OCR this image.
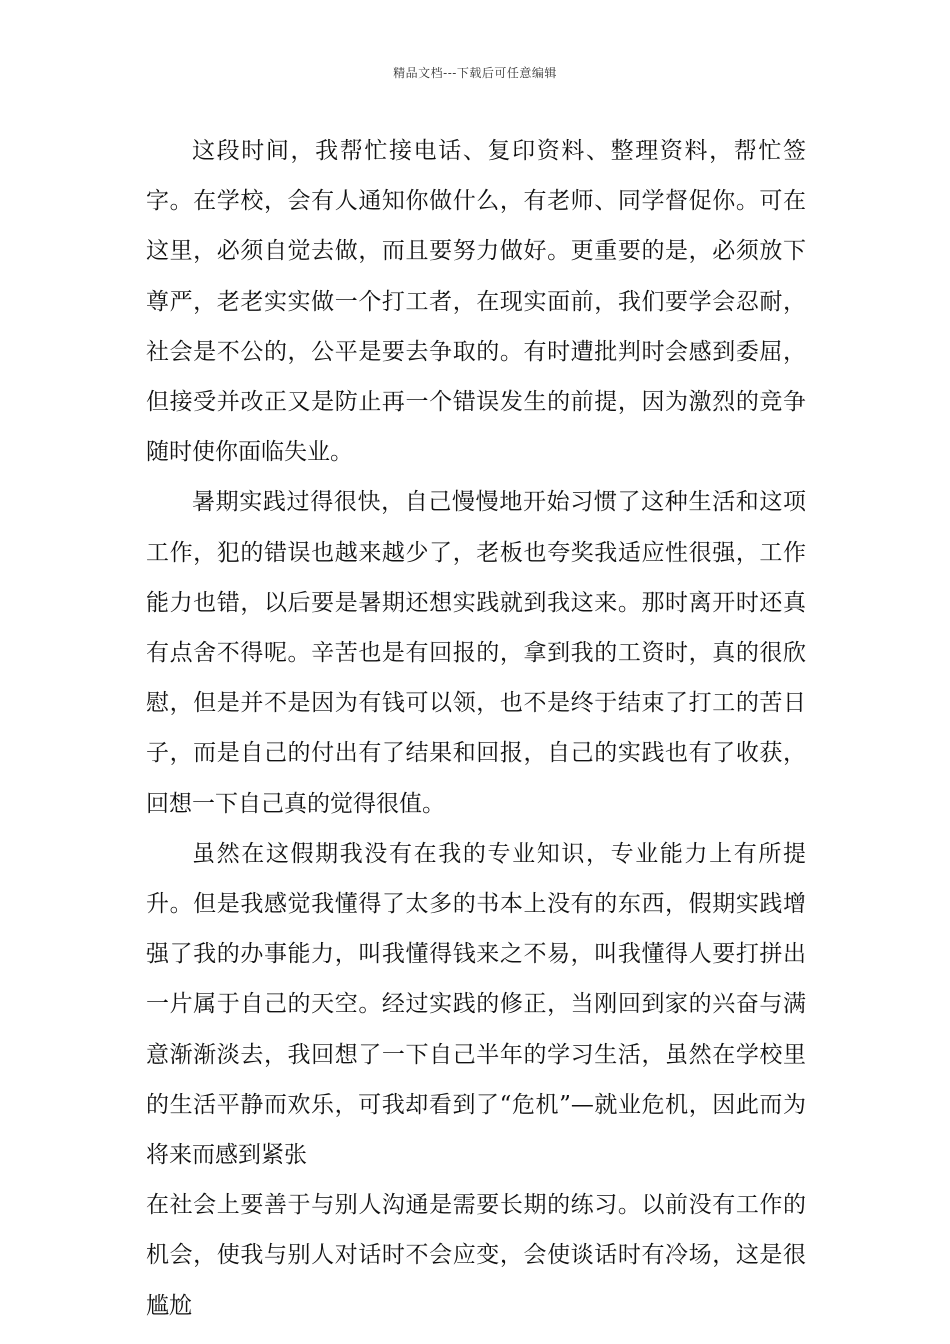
精品文档---下载后可任意编辑

这段时间，我帮忙接电话、复印资料、整理资料，帮忙签字。在学校，会有人通知你做什么，有老师、同学督促你。可在这里，必须自觉去做，而且要努力做好。更重要的是，必须放下尊严，老老实实做一个打工者，在现实面前，我们要学会忍耐，社会是不公的，公平是要去争取的。有时遭批判时会感到委屈，但接受并改正又是防止再一个错误发生的前提，因为激烈的竞争随时使你面临失业。

暑期实践过得很快，自己慢慢地开始习惯了这种生活和这项工作，犯的错误也越来越少了，老板也夸奖我适应性很强，工作能力也错，以后要是暑期还想实践就到我这来。那时离开时还真有点舍不得呢。辛苦也是有回报的，拿到我的工资时，真的很欣慰，但是并不是因为有钱可以领，也不是终于结束了打工的苦日子，而是自己的付出有了结果和回报，自己的实践也有了收获，回想一下自己真的觉得很值。

虽然在这假期我没有在我的专业知识，专业能力上有所提升。但是我感觉我懂得了太多的书本上没有的东西，假期实践增强了我的办事能力，叫我懂得钱来之不易，叫我懂得人要打拼出一片属于自己的天空。经过实践的修正，当刚回到家的兴奋与满意渐渐淡去，我回想了一下自己半年的学习生活，虽然在学校里的生活平静而欢乐，可我却看到了“危机”—就业危机，因此而为将来而感到紧张

在社会上要善于与别人沟通是需要长期的练习。以前没有工作的机会，使我与别人对话时不会应变，会使谈话时有冷场，这是很尴尬
